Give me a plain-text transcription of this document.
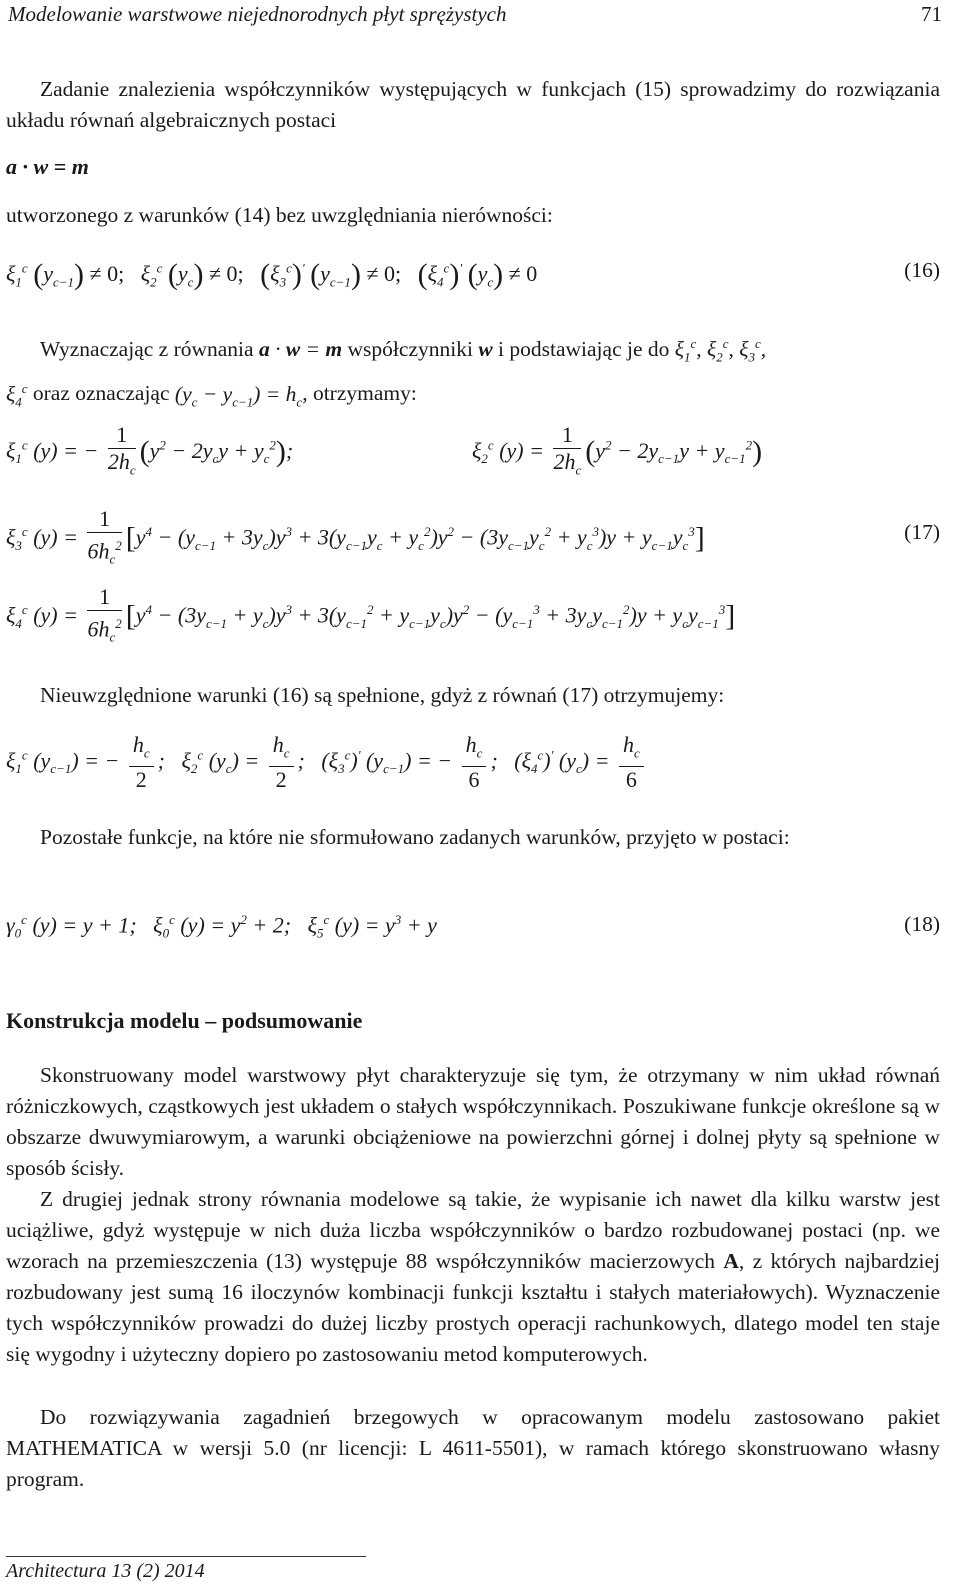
Modelowanie warstwowe niejednorodnych płyt sprężystych	71
Zadanie znalezienia współczynników występujących w funkcjach (15) sprowadzimy do rozwiązania układu równań algebraicznych postaci
a · w = m
utworzonego z warunków (14) bez uwzględniania nierówności:
$\xi_1^c$ $(y_{c-1}) \ne 0$;   $\xi_2^c$ $(y_c) \ne 0$; $(\xi_3^c)'$ $(y_{c-1}) \ne 0$; $(\xi_4^c)'$ $(y_c) \ne 0$	(16)
Wyznaczając z równania a · w = m współczynniki w i podstawiając je do $\xi_1^c$, $\xi_2^c$, $\xi_3^c$,
$\xi_4^c$ oraz oznaczając $(y_c - y_{c-1}) = h_c$, otrzymamy:
$\xi_1^c$ (y) = − $\frac{1}{2h_c} (y^2 - 2y_cy + y_c^2)$;	$\xi_2^c$ $(y) = \frac{1}{2h_c} (y^2 - 2y_{c-1}y + y_{c-1}^2)$
$\xi_3^c$ $(y) = \frac{1}{6h_c^2} [y^4 - (y_{c-1} + 3y_c)y^3 + 3(y_{c-1}y_c + y_c^2)y^2 - (3y_{c-1}y_c^2 + y_c^3)y + y_{c-1}y_c^3]$	(17)
$\xi_4^c$ $(y) = \frac{1}{6h_c^2} [y^4 - (3y_{c-1} + y_c)y^3 + 3(y_{c-1}^2 + y_{c-1}y_c)y^2 - (y_{c-1}^3 + 3y_cy_{c-1}^2)y + y_cy_{c-1}^3]$
Nieuwzględnione warunki (16) są spełnione, gdyż z równań (17) otrzymujemy:
$\xi_1^c$ $(y_{c-1})$ = − $\frac{h_c}{2}$ ;   $\xi_2^c$ $(y_c) = \frac{h_c}{2}$ ;   $(\xi_3^c)'$ $(y_{c-1})$ = − $\frac{h_c}{6}$ ;   $(\xi_4^c)'$ $(y_c) = \frac{h_c}{6}$
Pozostałe funkcje, na które nie sformułowano zadanych warunków, przyjęto w postaci:
$\gamma_0^c$ (y) = y + 1;   $\xi_0^c$ $(y) = y^2 + 2$;   $\xi_5^c$ $(y) = y^3 + y$	(18)
Konstrukcja modelu – podsumowanie
Skonstruowany model warstwowy płyt charakteryzuje się tym, że otrzymany w nim układ równań różniczkowych, cząstkowych jest układem o stałych współczynnikach. Poszukiwane funkcje określone są w obszarze dwuwymiarowym, a warunki obciążeniowe na powierzchni górnej i dolnej płyty są spełnione w sposób ścisły.
Z drugiej jednak strony równania modelowe są takie, że wypisanie ich nawet dla kilku warstw jest uciążliwe, gdyż występuje w nich duża liczba współczynników o bardzo rozbudowanej postaci (np. we wzorach na przemieszczenia (13) występuje 88 współczynników macierzowych A, z których najbardziej rozbudowany jest sumą 16 iloczynów kombinacji funkcji kształtu i stałych materiałowych). Wyznaczenie tych współczynników prowadzi do dużej liczby prostych operacji rachunkowych, dlatego model ten staje się wygodny i użyteczny dopiero po zastosowaniu metod komputerowych.
Do rozwiązywania zagadnień brzegowych w opracowanym modelu zastosowano pakiet MATHEMATICA w wersji 5.0 (nr licencji: L 4611-5501), w ramach którego skonstruowano własny program.
Architectura 13 (2) 2014
